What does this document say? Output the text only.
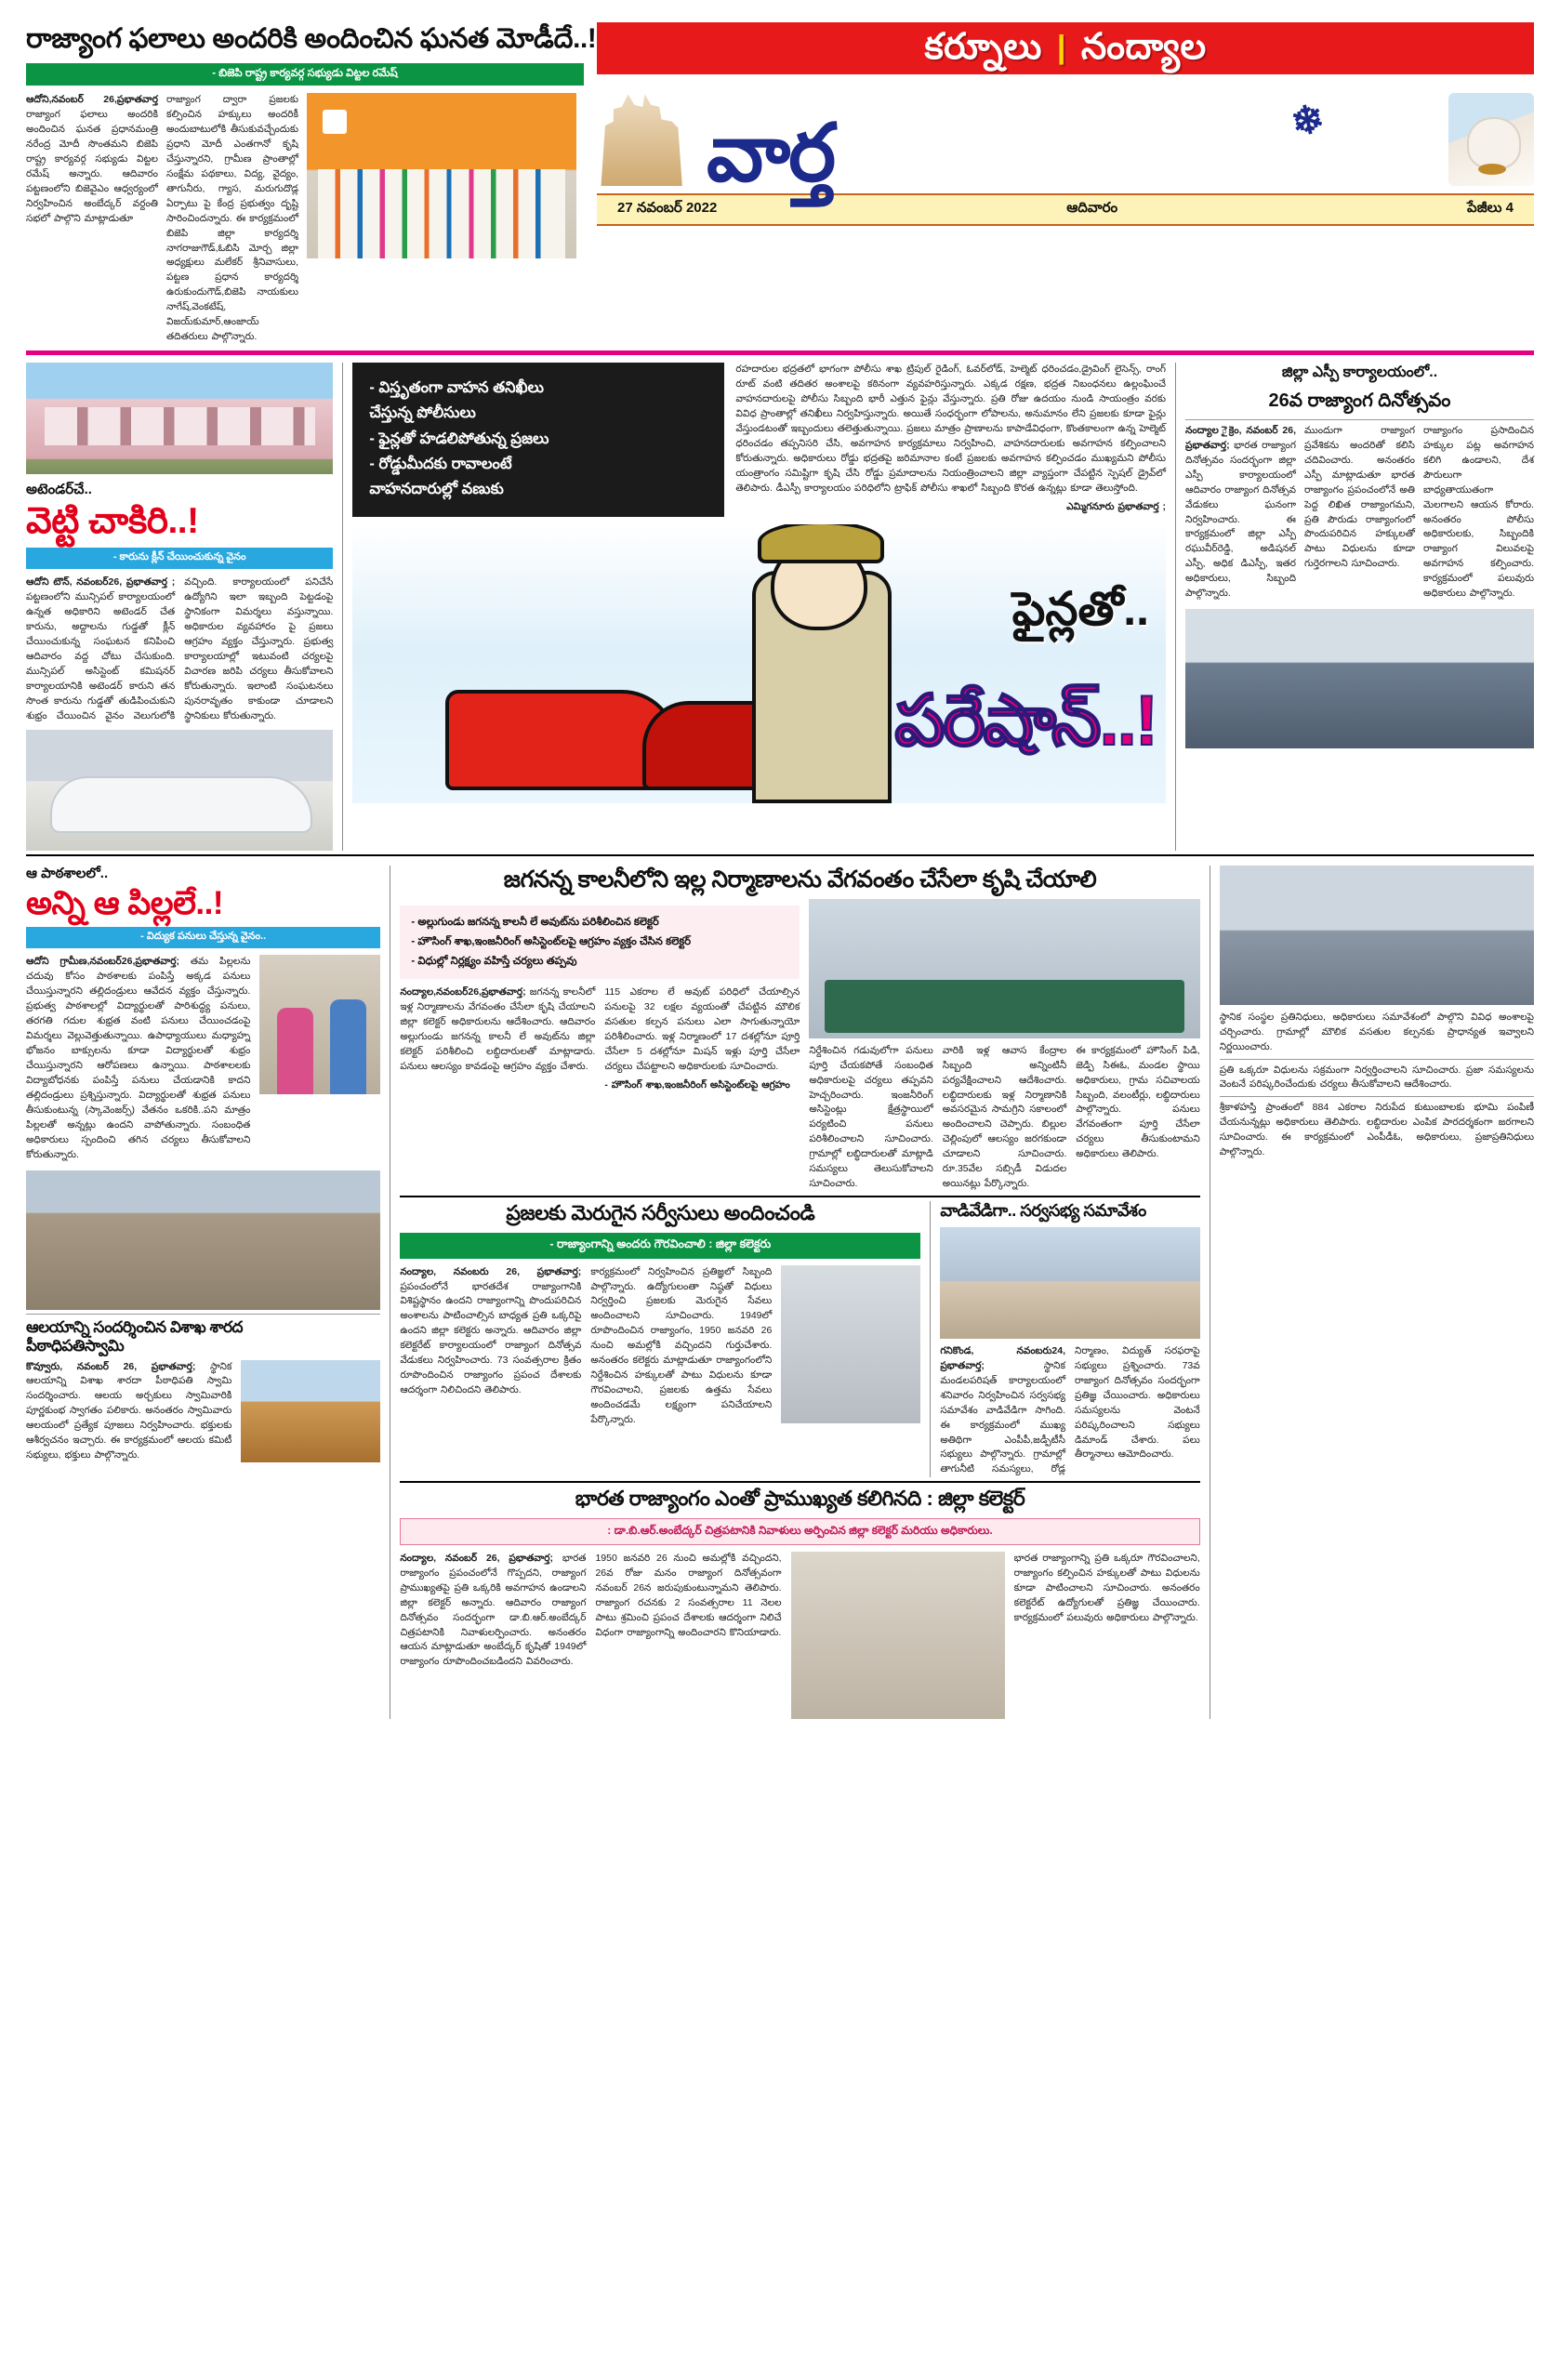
రాజ్యాంగ ఫలాలు అందరికి అందించిన ఘనత మోడీదే..!
- బిజెపి రాష్ట్ర కార్యవర్గ సభ్యుడు విట్టల రమేష్
ఆదోని,నవంబర్ 26,ప్రభాతవార్త రాజ్యాంగ ఫలాలు అందరికి అందించిన ఘనత ప్రధానమంత్రి నరేంద్ర మోదీ సొంతమని బిజెపి రాష్ట్ర కార్యవర్గ సభ్యుడు విట్టల రమేష్ అన్నారు. ఆదివారం పట్టణంలోని బిజెవైఎం ఆధ్వర్యంలో నిర్వహించిన అంబేద్కర్ వర్దంతి సభలో పాల్గొని మాట్లాడుతూ
రాజ్యాంగ ద్వారా ప్రజలకు కల్పించిన హక్కులు అందరికీ అందుబాటులోకి తీసుకువచ్చేందుకు ప్రధాని మోదీ ఎంతగానో కృషి చేస్తున్నారని, గ్రామీణ ప్రాంతాల్లో సంక్షేమ పథకాలు, విద్య, వైద్యం, తాగునీరు, గ్యాస, మరుగుదొడ్ల ఏర్పాటు పై కేంద్ర ప్రభుత్వం దృష్టి సారించిందన్నారు. ఈ కార్యక్రమంలో బిజెపి జిల్లా కార్యదర్శి నాగరాజుగౌడ్,ఓబిసి మోర్చ జిల్లా అధ్యక్షులు మలేకర్ శ్రీనివాసులు, పట్టణ ప్రధాన కార్యదర్శి ఉరుకుందుగౌడ్,బిజెపి నాయకులు నాగేష్,వెంకటేష్, విజయ్‌కుమార్,ఆంజాయ్ తదితరులు పాల్గొన్నారు.
కర్నూలు | నంద్యాల
❄
వార్త
27 నవంబర్ 2022	ఆదివారం	పేజీలు 4
అటెండర్‌చే..
వెట్టి చాకిరి..!
- కారును క్లీన్ చేయించుకున్న వైనం
ఆదోని టౌన్, నవంబర్26, ప్రభాతవార్త ; పట్టణంలోని మున్సిపల్ కార్యాలయంలో ఉన్నత అధికారిని అటెండర్ చేత కారును, అద్దాలను గుడ్డతో క్లీన్ చేయించుకున్న సంఘటన కనిపించి ఆదివారం వద్ద చోటు చేసుకుంది. మున్సిపల్ అసిస్టెంట్ కమిషనర్ కార్యాలయానికి అటెండర్ కారుని తన సొంత కారును గుడ్డతో తుడిపించుకుని శుభ్రం చేయించిన వైనం వెలుగులోకి వచ్చింది. కార్యాలయంలో పనిచేసే ఉద్యోగిని ఇలా ఇబ్బంది పెట్టడంపై స్థానికంగా విమర్శలు వస్తున్నాయి. అధికారుల వ్యవహారం పై ప్రజలు ఆగ్రహం వ్యక్తం చేస్తున్నారు. ప్రభుత్వ కార్యాలయాల్లో ఇటువంటి చర్యలపై విచారణ జరిపి చర్యలు తీసుకోవాలని కోరుతున్నారు. ఇలాంటి సంఘటనలు పునరావృతం కాకుండా చూడాలని స్థానికులు కోరుతున్నారు.
- విస్తృతంగా వాహన తనిఖీలు
చేస్తున్న పోలీసులు
- ఫైన్లతో హడలిపోతున్న ప్రజలు
- రోడ్డుమీదకు రావాలంటే
వాహనదారుల్లో వణుకు
రహదారుల భద్రతలో భాగంగా పోలీసు శాఖ ట్రిపుల్ రైడింగ్, ఓవర్‌లోడ్, హెల్మెట్ ధరించడం,డ్రైవింగ్ లైసెన్స్, రాంగ్ రూట్ వంటి తదితర అంశాలపై కఠినంగా వ్యవహరిస్తున్నారు. ఎక్కడ రక్షణ, భద్రత నిబంధనలు ఉల్లంఘించే వాహనదారులపై పోలీసు సిబ్బంది భారీ ఎత్తున ఫైన్లు వేస్తున్నారు. ప్రతి రోజు ఉదయం నుండి సాయంత్రం వరకు వివిధ ప్రాంతాల్లో తనిఖీలు నిర్వహిస్తున్నారు. అయితే సంధర్భంగా లోపాలను, అనుమానం లేని ప్రజలకు కూడా ఫైన్లు వేస్తుండటంతో ఇబ్బందులు తలెత్తుతున్నాయి. ప్రజలు మాత్రం ప్రాణాలను కాపాడేవిధంగా, కొంతకాలంగా ఉన్న హెల్మెట్ ధరించడం తప్పనిసరి చేసి, అవగాహన కార్యక్రమాలు నిర్వహించి, వాహనదారులకు అవగాహన కల్పించాలని కోరుతున్నారు. అధికారులు రోడ్డు భద్రతపై జరిమానాల కంటే ప్రజలకు అవగాహన కల్పించడం ముఖ్యమని పోలీసు యంత్రాంగం సమిష్టిగా కృషి చేసి రోడ్డు ప్రమాదాలను నియంత్రించాలని జిల్లా వ్యాప్తంగా చేపట్టిన స్పెషల్ డ్రైవ్‌లో తెలిపారు. డీఎస్పీ కార్యాలయం పరిధిలోని ట్రాఫిక్ పోలీసు శాఖలో సిబ్బంది కొరత ఉన్నట్లు కూడా తెలుస్తోంది.
ఎమ్మిగనూరు ప్రభాతవార్త ;
ఫైన్లతో..
పరేషాన్..!
జిల్లా ఎస్పీ కార్యాలయంలో..
26వ రాజ్యాంగ దినోత్సవం
నంద్యాల ైక్రెం, నవంబర్ 26, ప్రభాతవార్త; భారత రాజ్యాంగ దినోత్సవం సందర్భంగా జిల్లా ఎస్పీ కార్యాలయంలో ఆదివారం రాజ్యాంగ దినోత్సవ వేడుకలు ఘనంగా నిర్వహించారు. ఈ కార్యక్రమంలో జిల్లా ఎస్పీ రఘువీర్‌రెడ్డి, అడిషనల్ ఎస్పీ, అధిక డిఎస్పీ, ఇతర అధికారులు, సిబ్బంది పాల్గొన్నారు.
ముందుగా రాజ్యాంగ ప్రవేశికను అందరితో కలిసి చదివించారు. అనంతరం ఎస్పీ మాట్లాడుతూ భారత రాజ్యాంగం ప్రపంచంలోనే అతి పెద్ద లిఖిత రాజ్యాంగమని, ప్రతి పౌరుడు రాజ్యాంగంలో పొందుపరిచిన హక్కులతో పాటు విధులను కూడా గుర్తెరగాలని సూచించారు.
రాజ్యాంగం ప్రసాదించిన హక్కుల పట్ల అవగాహన కలిగి ఉండాలని, దేశ పౌరులుగా బాధ్యతాయుతంగా మెలగాలని ఆయన కోరారు. అనంతరం పోలీసు అధికారులకు, సిబ్బందికి రాజ్యాంగ విలువలపై అవగాహన కల్పించారు. కార్యక్రమంలో పలువురు అధికారులు పాల్గొన్నారు.
ఆ పాఠశాలలో..
అన్ని ఆ పిల్లలే..!
- విద్యుక పనులు చేస్తున్న వైనం..
ఆదోని గ్రామీణ,నవంబర్26,ప్రభాతవార్త; తమ పిల్లలను చదువు కోసం పాఠశాలకు పంపిస్తే అక్కడ పనులు చేయిస్తున్నారని తల్లిదండ్రులు ఆవేదన వ్యక్తం చేస్తున్నారు. ప్రభుత్వ పాఠశాలల్లో విద్యార్థులతో పారిశుద్ధ్య పనులు, తరగతి గదుల శుభ్రత వంటి పనులు చేయించడంపై విమర్శలు వెల్లువెత్తుతున్నాయి. ఉపాధ్యాయులు మధ్యాహ్న భోజనం బాక్సులను కూడా విద్యార్థులతో శుభ్రం చేయిస్తున్నారని ఆరోపణలు ఉన్నాయి. పాఠశాలలకు విద్యాబోధనకు పంపిస్తే పనులు చేయడానికి కాదని తల్లిదండ్రులు ప్రశ్నిస్తున్నారు. విద్యార్థులతో శుభ్రత పనులు తీసుకుంటున్న (స్కావెంజర్స్) వేతనం ఒకరికి..పని మాత్రం పిల్లలతో అన్నట్లు ఉందని వాపోతున్నారు. సంబంధిత అధికారులు స్పందించి తగిన చర్యలు తీసుకోవాలని కోరుతున్నారు.
ఆలయాన్ని సందర్శించిన విశాఖ శారద
పీఠాధిపతిస్వామి
కొవ్వూరు, నవంబర్ 26, ప్రభాతవార్త; స్థానిక ఆలయాన్ని విశాఖ శారదా పీఠాధిపతి స్వామి సందర్శించారు. ఆలయ అర్చకులు స్వామివారికి పూర్ణకుంభ స్వాగతం పలికారు. అనంతరం స్వామివారు ఆలయంలో ప్రత్యేక పూజలు నిర్వహించారు. భక్తులకు ఆశీర్వచనం ఇచ్చారు. ఈ కార్యక్రమంలో ఆలయ కమిటీ సభ్యులు, భక్తులు పాల్గొన్నారు.
జగనన్న కాలనీలోని ఇల్ల నిర్మాణాలను వేగవంతం చేసేలా కృషి చేయాలి
- అల్లుగుండు జగనన్న కాలనీ లే అవుట్‌ను పరిశీలించిన కలెక్టర్
- హౌసింగ్ శాఖ,ఇంజనీరింగ్ అసిస్టెంట్‌లపై ఆగ్రహం వ్యక్తం చేసిన కలెక్టర్
- విధుల్లో నిర్లక్ష్యం వహిస్తే చర్యలు తప్పవు
నంద్యాల,నవంబర్26,ప్రభాతవార్త; జగనన్న కాలనీలో ఇళ్ల నిర్మాణాలను వేగవంతం చేసేలా కృషి చేయాలని జిల్లా కలెక్టర్ అధికారులను ఆదేశించారు. ఆదివారం అల్లుగుండు జగనన్న కాలనీ లే అవుట్‌ను జిల్లా కలెక్టర్ పరిశీలించి లబ్ధిదారులతో మాట్లాడారు. పనులు ఆలస్యం కావడంపై ఆగ్రహం వ్యక్తం చేశారు.
115 ఎకరాల లే అవుట్ పరిధిలో చేయాల్సిన పనులపై 32 లక్షల వ్యయంతో చేపట్టిన మౌలిక వసతుల కల్పన పనులు ఎలా సాగుతున్నాయో పరిశీలించారు. ఇళ్ల నిర్మాణంలో 17 దశల్లోనూ పూర్తి చేసేలా 5 దశల్లోనూ మిషన్ ఇళ్లు పూర్తి చేసేలా చర్యలు చేపట్టాలని అధికారులకు సూచించారు.
- హౌసింగ్ శాఖ,ఇంజనీరింగ్ అసిస్టెంట్‌లపై ఆగ్రహం
నిర్దేశించిన గడువులోగా పనులు పూర్తి చేయకపోతే సంబంధిత అధికారులపై చర్యలు తప్పవని హెచ్చరించారు. ఇంజనీరింగ్ అసిస్టెంట్లు క్షేత్రస్థాయిలో పర్యటించి పనులు పరిశీలించాలని సూచించారు. గ్రామాల్లో లబ్ధిదారులతో మాట్లాడి సమస్యలు తెలుసుకోవాలని సూచించారు.
వారికి ఇళ్ల ఆవాస కేంద్రాల సిబ్బంది అన్నింటినీ పర్యవేక్షించాలని ఆదేశించారు. లబ్ధిదారులకు ఇళ్ల నిర్మాణానికి అవసరమైన సామగ్రిని సకాలంలో అందించాలని చెప్పారు. బిల్లుల చెల్లింపులో ఆలస్యం జరగకుండా చూడాలని సూచించారు. రూ.35వేల సబ్సిడీ విడుదల అయినట్లు పేర్కొన్నారు.
ఈ కార్యక్రమంలో హౌసింగ్ పిడి, జెడ్పి సిఈఓ, మండల స్థాయి అధికారులు, గ్రామ సచివాలయ సిబ్బంది, వలంటీర్లు, లబ్ధిదారులు పాల్గొన్నారు. పనులు వేగవంతంగా పూర్తి చేసేలా చర్యలు తీసుకుంటామని అధికారులు తెలిపారు.
ప్రజలకు మెరుగైన సర్వీసులు అందించండి
- రాజ్యాంగాన్ని అందరు గౌరవించాలి : జిల్లా కలెక్టరు
నంద్యాల, నవంబరు 26, ప్రభాతవార్త; ప్రపంచంలోనే భారతదేశ రాజ్యాంగానికి విశిష్టస్థానం ఉందని రాజ్యాంగాన్ని పొందుపరిచిన అంశాలను పాటించాల్సిన బాధ్యత ప్రతి ఒక్కరిపై ఉందని జిల్లా కలెక్టరు అన్నారు. ఆదివారం జిల్లా కలెక్టరేట్ కార్యాలయంలో రాజ్యాంగ దినోత్సవ వేడుకలు నిర్వహించారు. 73 సంవత్సరాల క్రితం రూపొందించిన రాజ్యాంగం ప్రపంచ దేశాలకు ఆదర్శంగా నిలిచిందని తెలిపారు.
కార్యక్రమంలో నిర్వహించిన ప్రతిజ్ఞలో సిబ్బంది పాల్గొన్నారు. ఉద్యోగులంతా నిష్ఠతో విధులు నిర్వర్తించి ప్రజలకు మెరుగైన సేవలు అందించాలని సూచించారు. 1949లో రూపొందించిన రాజ్యాంగం, 1950 జనవరి 26 నుంచి అమల్లోకి వచ్చిందని గుర్తుచేశారు. అనంతరం కలెక్టరు మాట్లాడుతూ రాజ్యాంగంలోని నిర్దేశించిన హక్కులతో పాటు విధులను కూడా గౌరవించాలని, ప్రజలకు ఉత్తమ సేవలు అందించడమే లక్ష్యంగా పనిచేయాలని పేర్కొన్నారు.
వాడివేడిగా.. సర్వసభ్య సమావేశం
గనికొండ, నవంబరు24, ప్రభాతవార్త;	స్థానిక మండలపరిషత్ కార్యాలయంలో శనివారం నిర్వహించిన సర్వసభ్య సమావేశం వాడివేడిగా సాగింది. ఈ కార్యక్రమంలో ముఖ్య అతిథిగా ఎంపీపీ,జడ్పీటీసీ సభ్యులు పాల్గొన్నారు. గ్రామాల్లో తాగునీటి సమస్యలు, రోడ్ల నిర్మాణం, విద్యుత్ సరఫరాపై సభ్యులు ప్రశ్నించారు. 73వ రాజ్యాంగ దినోత్సవం సందర్భంగా ప్రతిజ్ఞ చేయించారు. అధికారులు సమస్యలను వెంటనే పరిష్కరించాలని సభ్యులు డిమాండ్ చేశారు. పలు తీర్మానాలు ఆమోదించారు.
భారత రాజ్యాంగం ఎంతో ప్రాముఖ్యత కలిగినది : జిల్లా కలెక్టర్
: డా.బి.ఆర్.అంబేద్కర్ చిత్రపటానికి నివాళులు అర్పించిన జిల్లా కలెక్టర్ మరియు అధికారులు.
నంద్యాల, నవంబర్ 26, ప్రభాతవార్త; భారత రాజ్యాంగం ప్రపంచంలోనే గొప్పదని, రాజ్యాంగ ప్రాముఖ్యతపై ప్రతి ఒక్కరికి అవగాహన ఉండాలని జిల్లా కలెక్టర్ అన్నారు. ఆదివారం రాజ్యాంగ దినోత్సవం సందర్భంగా డా.బి.ఆర్.అంబేద్కర్ చిత్రపటానికి నివాళులర్పించారు. అనంతరం ఆయన మాట్లాడుతూ అంబేద్కర్ కృషితో 1949లో రాజ్యాంగం రూపొందించబడిందని వివరించారు.
1950 జనవరి 26 నుంచి అమల్లోకి వచ్చిందని, 26వ రోజు మనం రాజ్యాంగ దినోత్సవంగా నవంబర్ 26న జరుపుకుంటున్నామని తెలిపారు. రాజ్యాంగ రచనకు 2 సంవత్సరాల 11 నెలల పాటు శ్రమించి ప్రపంచ దేశాలకు ఆదర్శంగా నిలిచే విధంగా రాజ్యాంగాన్ని అందించారని కొనియాడారు.
భారత రాజ్యాంగాన్ని ప్రతి ఒక్కరూ గౌరవించాలని, రాజ్యాంగం కల్పించిన హక్కులతో పాటు విధులను కూడా పాటించాలని సూచించారు. అనంతరం కలెక్టరేట్ ఉద్యోగులతో ప్రతిజ్ఞ చేయించారు. కార్యక్రమంలో పలువురు అధికారులు పాల్గొన్నారు.
స్థానిక సంస్థల ప్రతినిధులు, అధికారులు సమావేశంలో పాల్గొని వివిధ అంశాలపై చర్చించారు. గ్రామాల్లో మౌలిక వసతుల కల్పనకు ప్రాధాన్యత ఇవ్వాలని నిర్ణయించారు.
ప్రతి ఒక్కరూ విధులను సక్రమంగా నిర్వర్తించాలని సూచించారు. ప్రజా సమస్యలను వెంటనే పరిష్కరించేందుకు చర్యలు తీసుకోవాలని ఆదేశించారు.
శ్రీకాళహస్తి ప్రాంతంలో 884 ఎకరాల నిరుపేద కుటుంబాలకు భూమి పంపిణీ చేయనున్నట్లు అధికారులు తెలిపారు. లబ్ధిదారుల ఎంపిక పారదర్శకంగా జరగాలని సూచించారు. ఈ కార్యక్రమంలో ఎంపీడీఓ, అధికారులు, ప్రజాప్రతినిధులు పాల్గొన్నారు.
